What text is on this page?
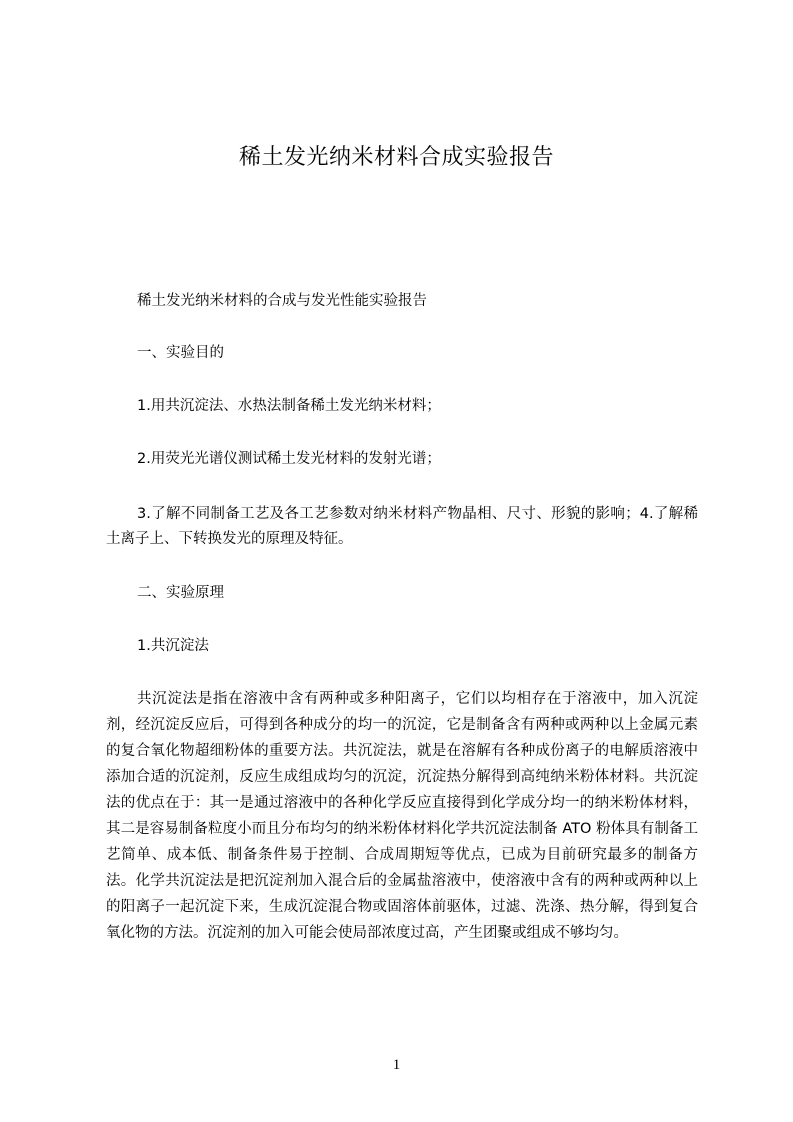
稀土发光纳米材料合成实验报告

稀土发光纳米材料的合成与发光性能实验报告

一、实验目的

1.用共沉淀法、水热法制备稀土发光纳米材料；

2.用荧光光谱仪测试稀土发光材料的发射光谱；

3.了解不同制备工艺及各工艺参数对纳米材料产物晶相、尺寸、形貌的影响；4.了解稀土离子上、下转换发光的原理及特征。

二、实验原理

1.共沉淀法

共沉淀法是指在溶液中含有两种或多种阳离子，它们以均相存在于溶液中，加入沉淀剂，经沉淀反应后，可得到各种成分的均一的沉淀，它是制备含有两种或两种以上金属元素的复合氧化物超细粉体的重要方法。共沉淀法，就是在溶解有各种成份离子的电解质溶液中添加合适的沉淀剂，反应生成组成均匀的沉淀，沉淀热分解得到高纯纳米粉体材料。共沉淀法的优点在于：其一是通过溶液中的各种化学反应直接得到化学成分均一的纳米粉体材料，其二是容易制备粒度小而且分布均匀的纳米粉体材料化学共沉淀法制备 ATO 粉体具有制备工艺简单、成本低、制备条件易于控制、合成周期短等优点，已成为目前研究最多的制备方法。化学共沉淀法是把沉淀剂加入混合后的金属盐溶液中，使溶液中含有的两种或两种以上的阳离子一起沉淀下来，生成沉淀混合物或固溶体前驱体，过滤、洗涤、热分解，得到复合氧化物的方法。沉淀剂的加入可能会使局部浓度过高，产生团聚或组成不够均匀。

1
